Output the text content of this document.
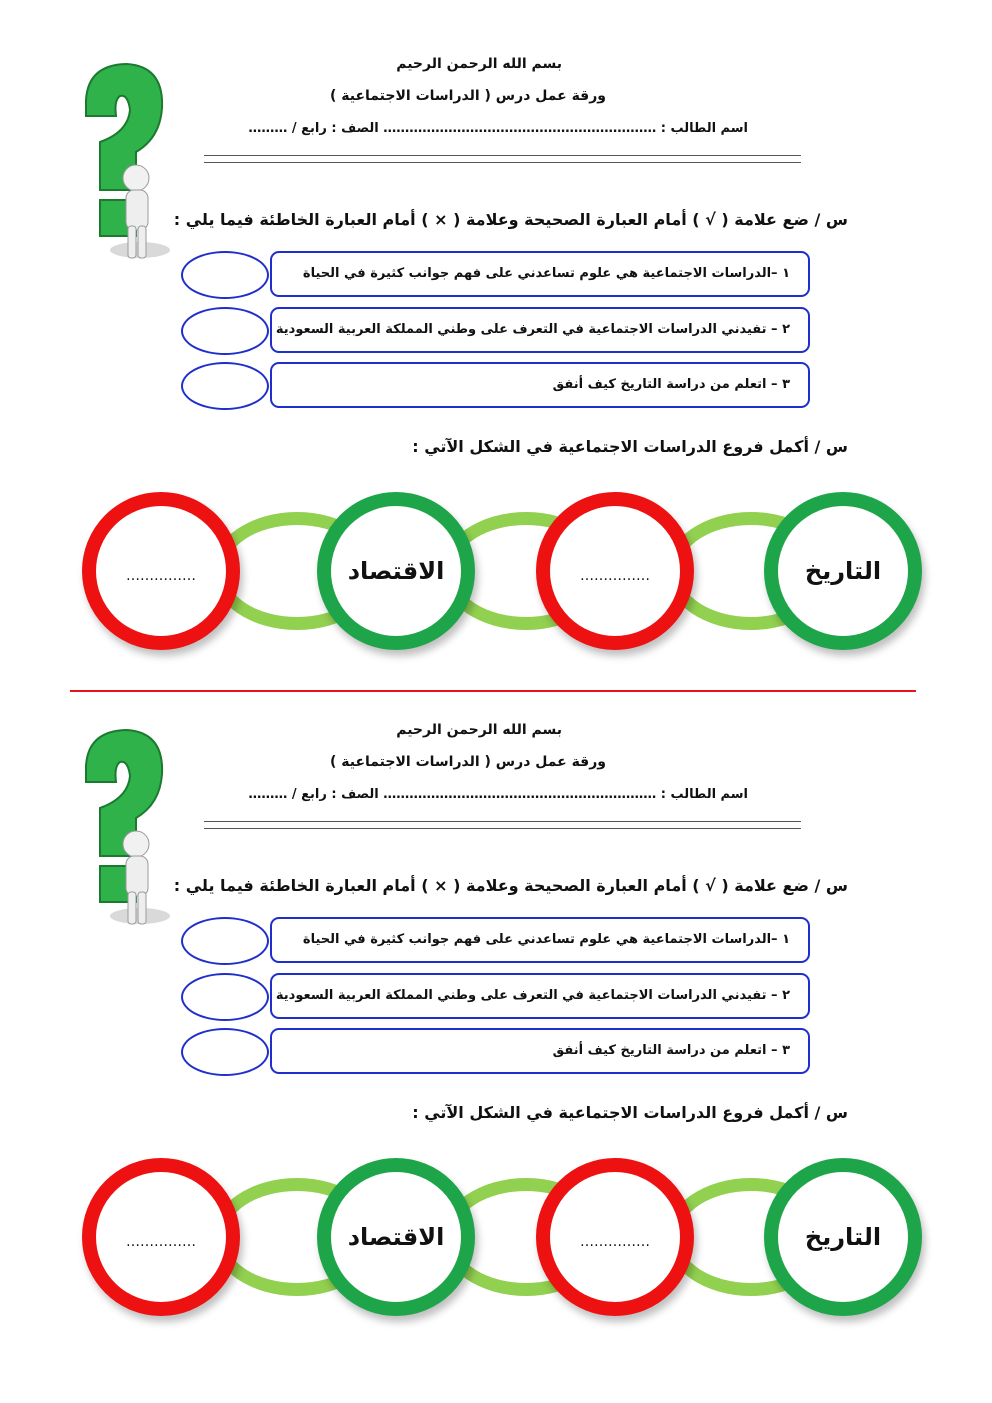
بسم الله الرحمن الرحيم
ورقة عمل درس ( الدراسات الاجتماعية )
اسم الطالب : ……………………………………………………… الصف : رابع / ………
س / ضع علامة ( √ ) أمام العبارة الصحيحة وعلامة ( × ) أمام العبارة الخاطئة فيما يلي :
١ –الدراسات الاجتماعية هي علوم تساعدني على فهم جوانب كثيرة في الحياة
٢ – تفيدني الدراسات الاجتماعية في التعرف على وطني المملكة العربية السعودية
٣ – اتعلم من دراسة التاريخ كيف أنفق
س / أكمل فروع الدراسات الاجتماعية في الشكل الآتي :
……………	الاقتصاد	……………	التاريخ
بسم الله الرحمن الرحيم
ورقة عمل درس ( الدراسات الاجتماعية )
اسم الطالب : ……………………………………………………… الصف : رابع / ………
س / ضع علامة ( √ ) أمام العبارة الصحيحة وعلامة ( × ) أمام العبارة الخاطئة فيما يلي :
١ –الدراسات الاجتماعية هي علوم تساعدني على فهم جوانب كثيرة في الحياة
٢ – تفيدني الدراسات الاجتماعية في التعرف على وطني المملكة العربية السعودية
٣ – اتعلم من دراسة التاريخ كيف أنفق
س / أكمل فروع الدراسات الاجتماعية في الشكل الآتي :
……………	الاقتصاد	……………	التاريخ
